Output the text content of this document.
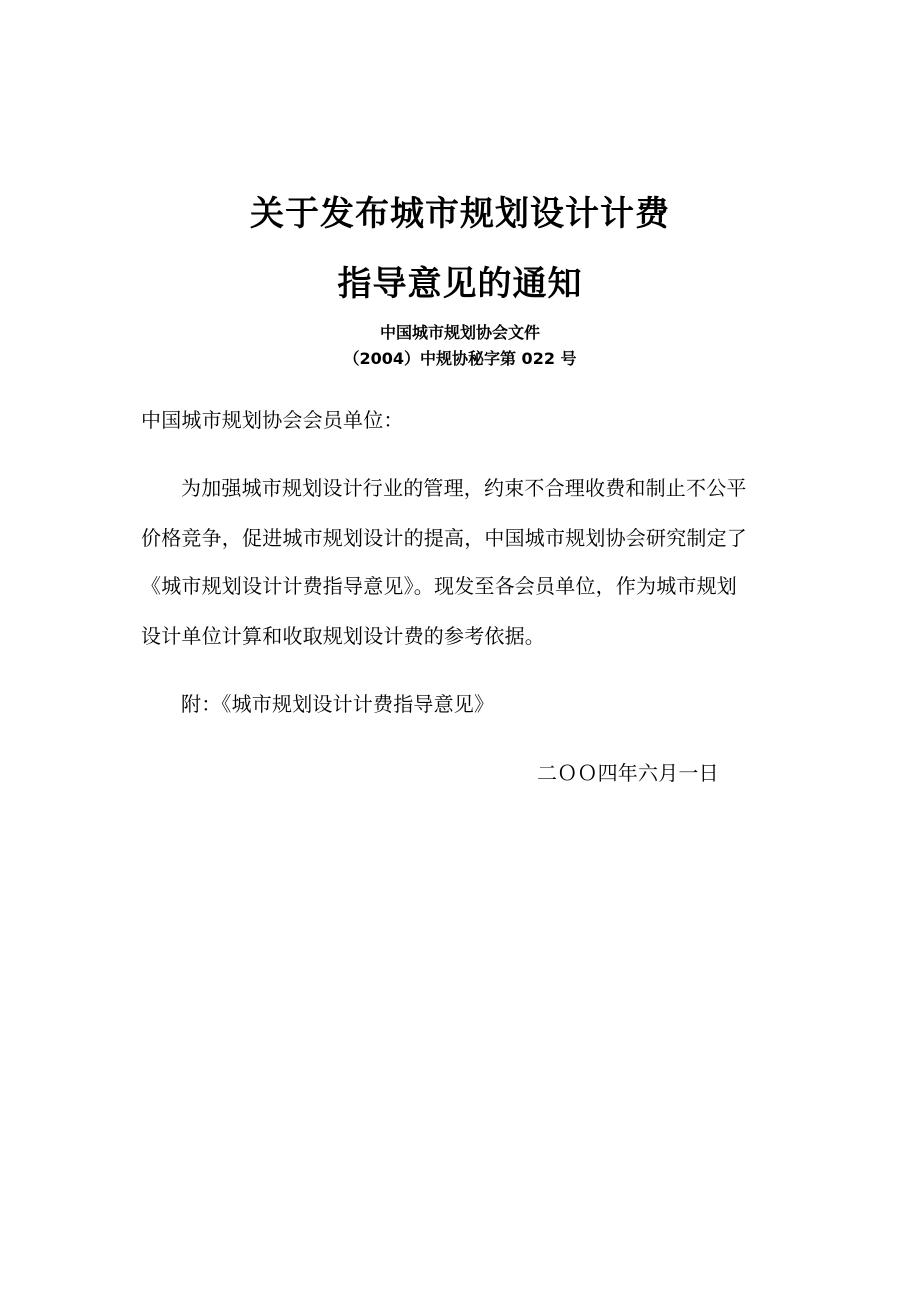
关于发布城市规划设计计费
指导意见的通知
中国城市规划协会文件
（2004）中规协秘字第 022 号
中国城市规划协会会员单位：
为加强城市规划设计行业的管理，约束不合理收费和制止不公平
价格竞争，促进城市规划设计的提高，中国城市规划协会研究制定了
《城市规划设计计费指导意见》。现发至各会员单位，作为城市规划
设计单位计算和收取规划设计费的参考依据。
附：《城市规划设计计费指导意见》
二ＯＯ四年六月一日
